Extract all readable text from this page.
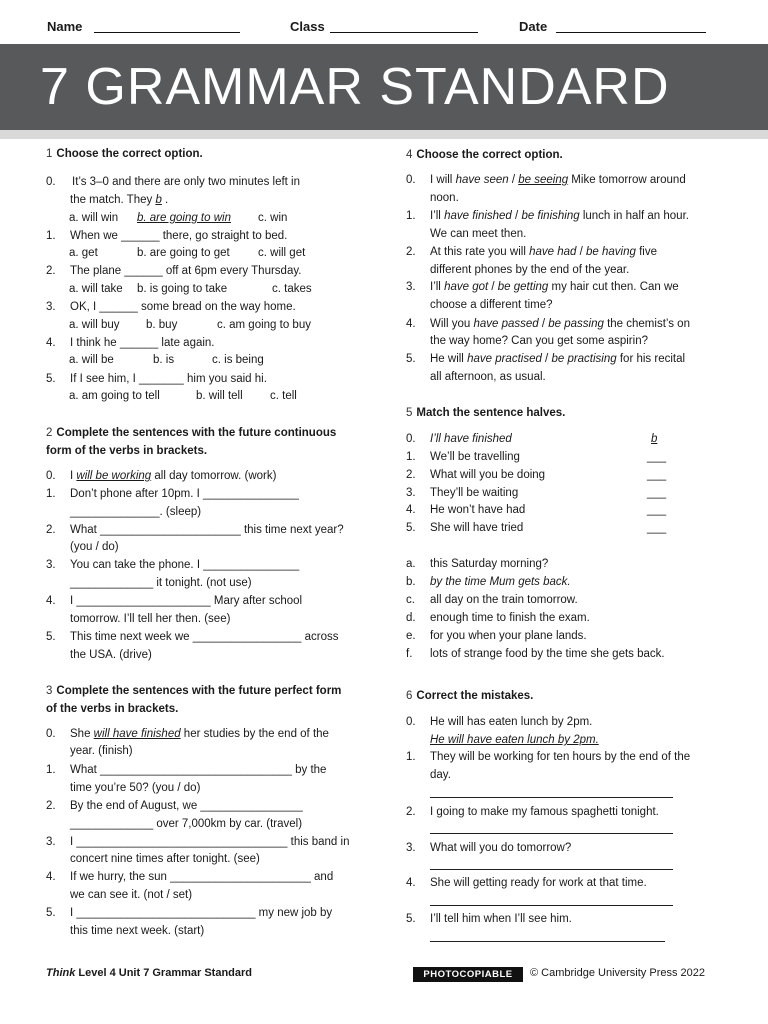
Name	Class	Date
7 GRAMMAR STANDARD
1 Choose the correct option.
0. It’s 3–0 and there are only two minutes left in
the match. They b .
a. will win b. are going to win c. win
1. When we ______ there, go straight to bed.
a. get	b. are going to get c. will get
2. The plane ______ off at 6pm every Thursday.
a. will take b. is going to take	c. takes
3. OK, I ______ some bread on the way home.
a. will buy b. buy	c. am going to buy
4. I think he ______ late again.
a. will be	b. is	c. is being
5. If I see him, I _______ him you said hi.
a. am going to tell	b. will tell c. tell
2 Complete the sentences with the future continuous
form of the verbs in brackets.
0. I will be working all day tomorrow. (work)
1. Don’t phone after 10pm. I _______________
______________. (sleep)
2. What ______________________ this time next year?
(you / do)
3. You can take the phone. I _______________
_____________ it tonight. (not use)
4. I _____________________ Mary after school
tomorrow. I’ll tell her then. (see)
5. This time next week we _________________ across
the USA. (drive)
3 Complete the sentences with the future perfect form
of the verbs in brackets.
0. She will have finished her studies by the end of the
year. (finish)
1. What ______________________________ by the
time you’re 50? (you / do)
2. By the end of August, we ________________
_____________ over 7,000km by car. (travel)
3. I _________________________________ this band in
concert nine times after tonight. (see)
4. If we hurry, the sun ______________________ and
we can see it. (not / set)
5. I ____________________________ my new job by
this time next week. (start)
4 Choose the correct option.
0. I will have seen / be seeing Mike tomorrow around
noon.
1. I’ll have finished / be finishing lunch in half an hour.
We can meet then.
2. At this rate you will have had / be having five
different phones by the end of the year.
3. I’ll have got / be getting my hair cut then. Can we
choose a different time?
4. Will you have passed / be passing the chemist’s on
the way home? Can you get some aspirin?
5. He will have practised / be practising for his recital
all afternoon, as usual.
5 Match the sentence halves.
0. I’ll have finished	b
1. We’ll be travelling	___
2. What will you be doing	___
3. They’ll be waiting	___
4. He won’t have had	___
5. She will have tried	___
a. this Saturday morning?
b. by the time Mum gets back.
c. all day on the train tomorrow.
d. enough time to finish the exam.
e. for you when your plane lands.
f. lots of strange food by the time she gets back.
6 Correct the mistakes.
0. He will has eaten lunch by 2pm.
He will have eaten lunch by 2pm.
1. They will be working for ten hours by the end of the
day.
2. I going to make my famous spaghetti tonight.
3. What will you do tomorrow?
4. She will getting ready for work at that time.
5. I’ll tell him when I’ll see him.
Think Level 4 Unit 7 Grammar Standard	PHOTOCOPIABLE	© Cambridge University Press 2022
